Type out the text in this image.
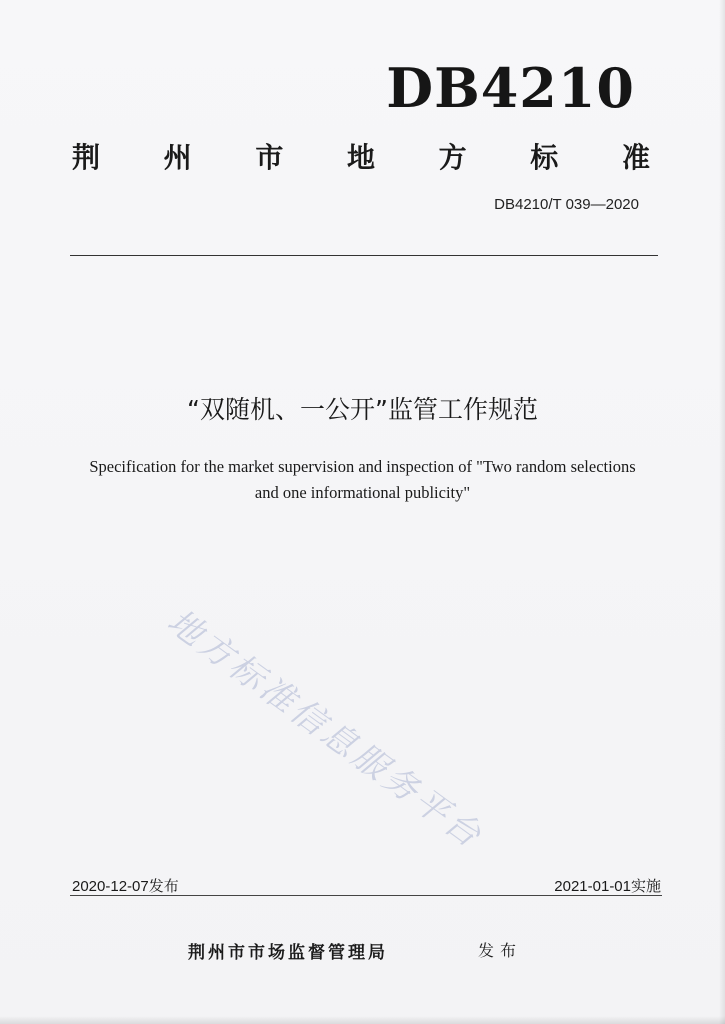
DB4210
荆 州 市 地 方 标 准
DB4210/T 039—2020
“双随机、一公开”监管工作规范
Specification for the market supervision and inspection of "Two random selections
and one informational publicity"
地方标准信息服务平台
2020-12-07发布	2021-01-01实施
荆州市市场监督管理局	发布
